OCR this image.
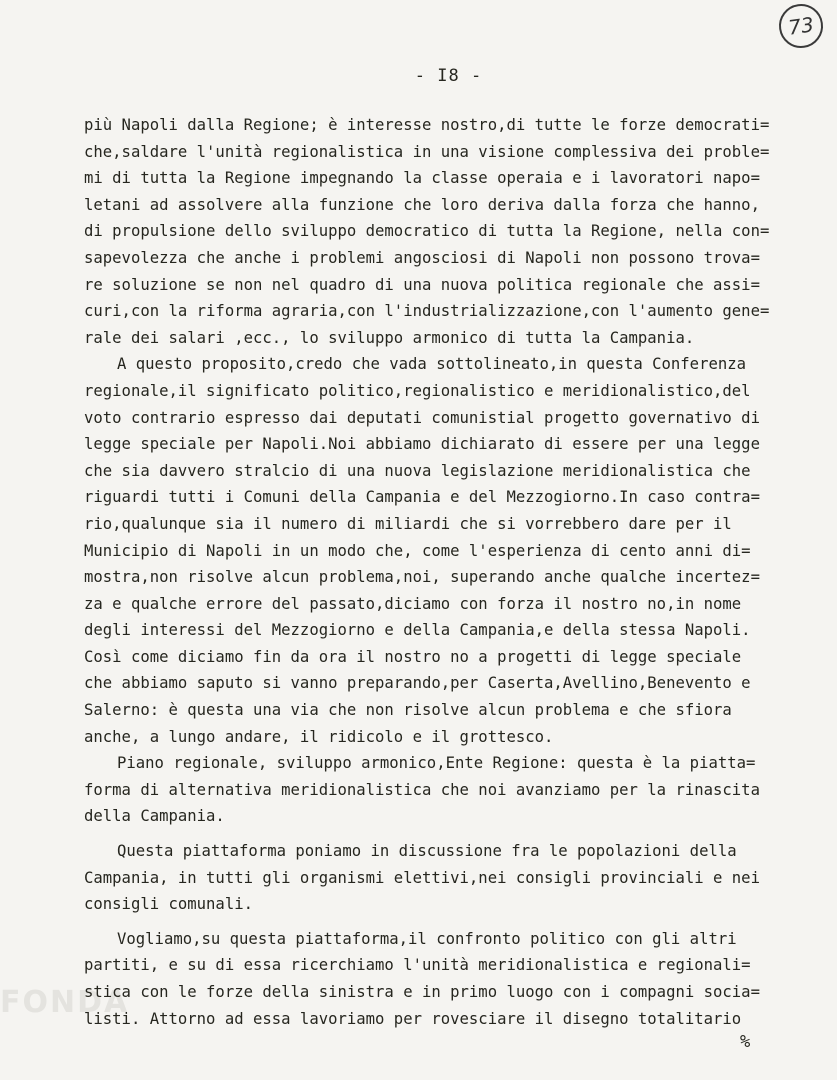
FONDA
73
- I8 -
più Napoli dalla Regione; è interesse nostro,di tutte le forze democrati=
che,saldare l'unità regionalistica in una visione complessiva dei proble=
mi di tutta la Regione impegnando la classe operaia e i lavoratori napo=
letani ad assolvere alla funzione che loro deriva dalla forza che hanno,
di propulsione dello sviluppo democratico di tutta la Regione, nella con=
sapevolezza che anche i problemi angosciosi di Napoli non possono trova=
re soluzione se non nel quadro di una nuova politica regionale che assi=
curi,con la riforma agraria,con l'industrializzazione,con l'aumento gene=
rale dei salari ,ecc., lo sviluppo armonico di tutta la Campania.
A questo proposito,credo che vada sottolineato,in questa Conferenza
regionale,il significato politico,regionalistico e meridionalistico,del
voto contrario espresso dai deputati comunistial progetto governativo di
legge speciale per Napoli.Noi abbiamo dichiarato di essere per una legge
che sia davvero stralcio di una nuova legislazione meridionalistica che
riguardi tutti i Comuni della Campania e del Mezzogiorno.In caso contra=
rio,qualunque sia il numero di miliardi che si vorrebbero dare per il
Municipio di Napoli in un modo che, come l'esperienza di cento anni di=
mostra,non risolve alcun problema,noi, superando anche qualche incertez=
za e qualche errore del passato,diciamo con forza il nostro no,in nome
degli interessi del Mezzogiorno e della Campania,e della stessa Napoli.
Così come diciamo fin da ora il nostro no a progetti di legge speciale
che abbiamo saputo si vanno preparando,per Caserta,Avellino,Benevento e
Salerno: è questa una via che non risolve alcun problema e che sfiora
anche, a lungo andare, il ridicolo e il grottesco.
Piano regionale, sviluppo armonico,Ente Regione: questa è la piatta=
forma di alternativa meridionalistica che noi avanziamo per la rinascita
della Campania.
Questa piattaforma poniamo in discussione fra le popolazioni della
Campania, in tutti gli organismi elettivi,nei consigli provinciali e nei
consigli comunali.
Vogliamo,su questa piattaforma,il confronto politico con gli altri
partiti, e su di essa ricerchiamo l'unità meridionalistica e regionali=
stica con le forze della sinistra e in primo luogo con i compagni socia=
listi. Attorno ad essa lavoriamo per rovesciare il disegno totalitario
%
